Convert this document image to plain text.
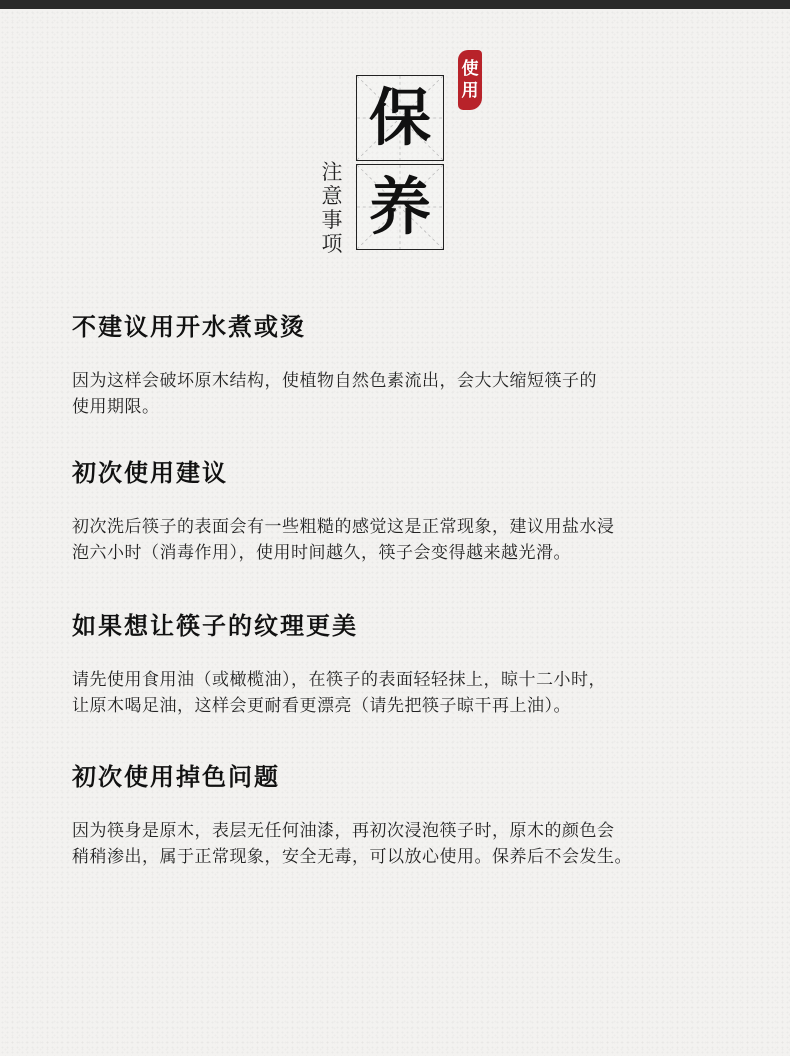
使
用
保
养
注
意
事
项
不建议用开水煮或烫

因为这样会破坏原木结构，使植物自然色素流出，会大大缩短筷子的
使用期限。

初次使用建议

初次洗后筷子的表面会有一些粗糙的感觉这是正常现象，建议用盐水浸
泡六小时（消毒作用），使用时间越久，筷子会变得越来越光滑。

如果想让筷子的纹理更美

请先使用食用油（或橄榄油），在筷子的表面轻轻抹上，晾十二小时，
让原木喝足油，这样会更耐看更漂亮（请先把筷子晾干再上油）。

初次使用掉色问题

因为筷身是原木，表层无任何油漆，再初次浸泡筷子时，原木的颜色会
稍稍渗出，属于正常现象，安全无毒，可以放心使用。保养后不会发生。
